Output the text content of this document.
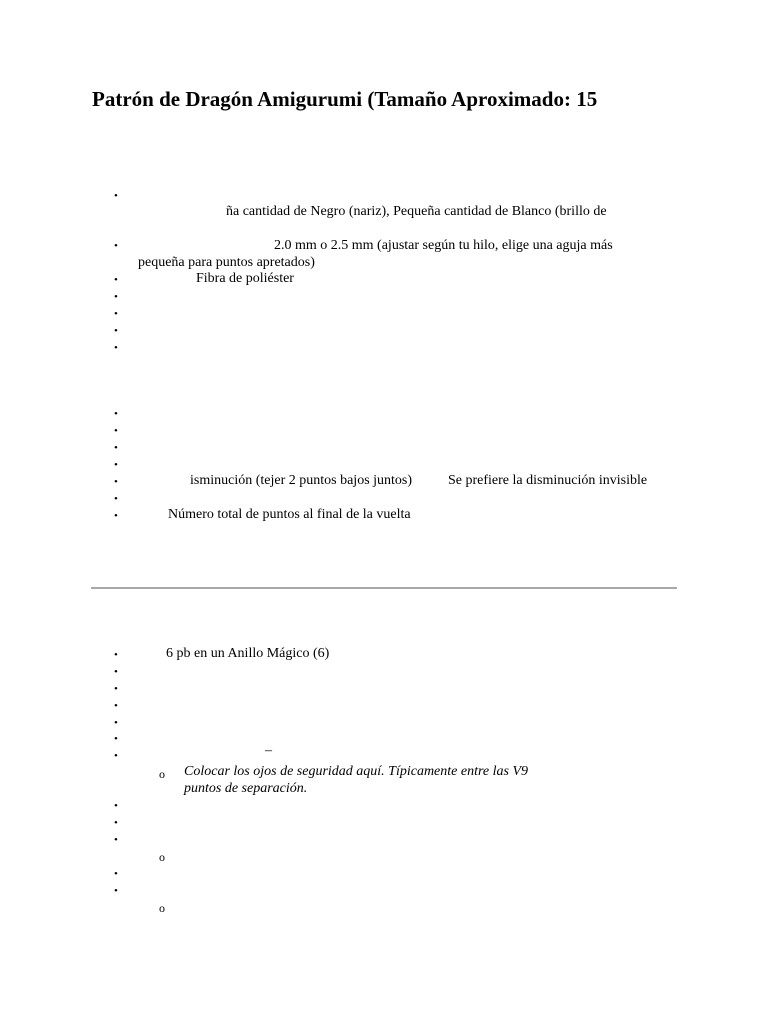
Patrón de Dragón Amigurumi (Tamaño Aproximado: 15
•
ña cantidad de Negro (nariz), Pequeña cantidad de Blanco (brillo de
•	2.0 mm o 2.5 mm (ajustar según tu hilo, elige una aguja más
pequeña para puntos apretados)
•	Fibra de poliéster
•
•
•
•
•
•
•
•
•	isminución (tejer 2 puntos bajos juntos)	Se prefiere la disminución invisible
•
•	Número total de puntos al final de la vuelta
•	6 pb en un Anillo Mágico (6)
•
•
•
•
•
•	–
o Colocar los ojos de seguridad aquí. Típicamente entre las V9
puntos de separación.
•
•
•
o
•
•
o
